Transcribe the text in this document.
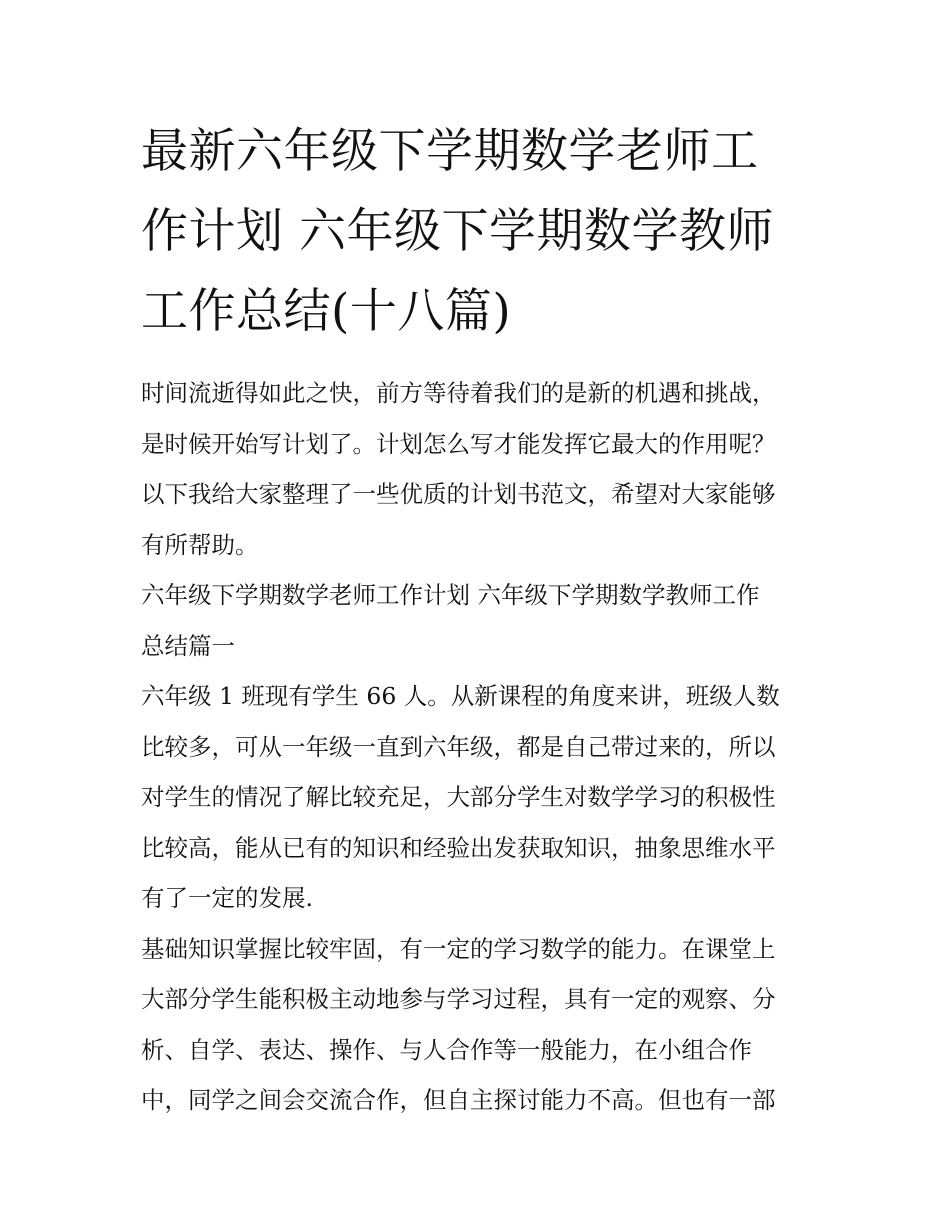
最新六年级下学期数学老师工
作计划 六年级下学期数学教师
工作总结(十八篇)

时间流逝得如此之快，前方等待着我们的是新的机遇和挑战，
是时候开始写计划了。计划怎么写才能发挥它最大的作用呢？
以下我给大家整理了一些优质的计划书范文，希望对大家能够
有所帮助。

六年级下学期数学老师工作计划 六年级下学期数学教师工作
总结篇一

六年级 1 班现有学生 66 人。从新课程的角度来讲，班级人数
比较多，可从一年级一直到六年级，都是自己带过来的，所以
对学生的情况了解比较充足，大部分学生对数学学习的积极性
比较高，能从已有的知识和经验出发获取知识，抽象思维水平
有了一定的发展.

基础知识掌握比较牢固，有一定的学习数学的能力。在课堂上
大部分学生能积极主动地参与学习过程，具有一定的观察、分
析、自学、表达、操作、与人合作等一般能力，在小组合作
中，同学之间会交流合作，但自主探讨能力不高。但也有一部
